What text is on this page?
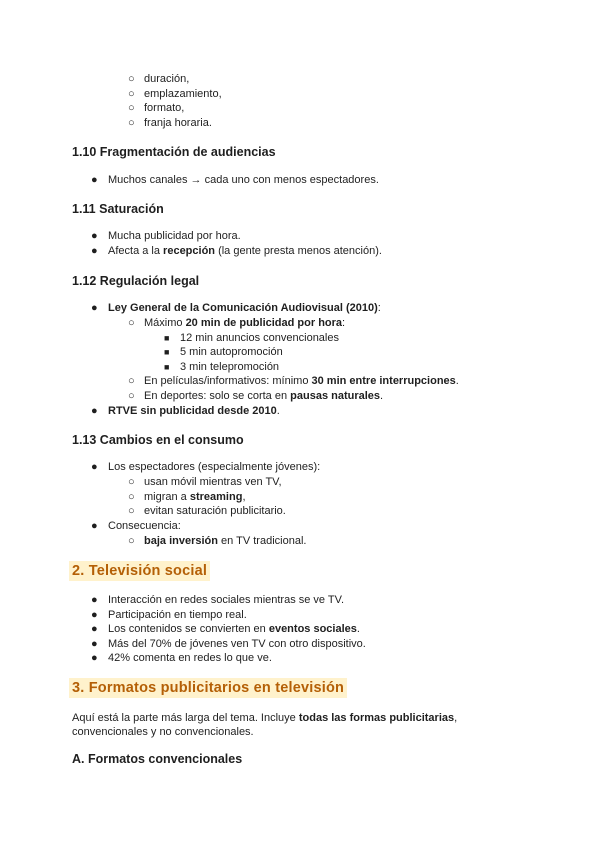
○ duración,
○ emplazamiento,
○ formato,
○ franja horaria.
1.10 Fragmentación de audiencias
● Muchos canales → cada uno con menos espectadores.
1.11 Saturación
● Mucha publicidad por hora.
● Afecta a la recepción (la gente presta menos atención).
1.12 Regulación legal
● Ley General de la Comunicación Audiovisual (2010):
○ Máximo 20 min de publicidad por hora:
■ 12 min anuncios convencionales
■ 5 min autopromoción
■ 3 min telepromoción
○ En películas/informativos: mínimo 30 min entre interrupciones.
○ En deportes: solo se corta en pausas naturales.
● RTVE sin publicidad desde 2010.
1.13 Cambios en el consumo
● Los espectadores (especialmente jóvenes):
○ usan móvil mientras ven TV,
○ migran a streaming,
○ evitan saturación publicitario.
● Consecuencia:
○ baja inversión en TV tradicional.
2. Televisión social
● Interacción en redes sociales mientras se ve TV.
● Participación en tiempo real.
● Los contenidos se convierten en eventos sociales.
● Más del 70% de jóvenes ven TV con otro dispositivo.
● 42% comenta en redes lo que ve.
3. Formatos publicitarios en televisión
Aquí está la parte más larga del tema. Incluye todas las formas publicitarias,
convencionales y no convencionales.
A. Formatos convencionales
